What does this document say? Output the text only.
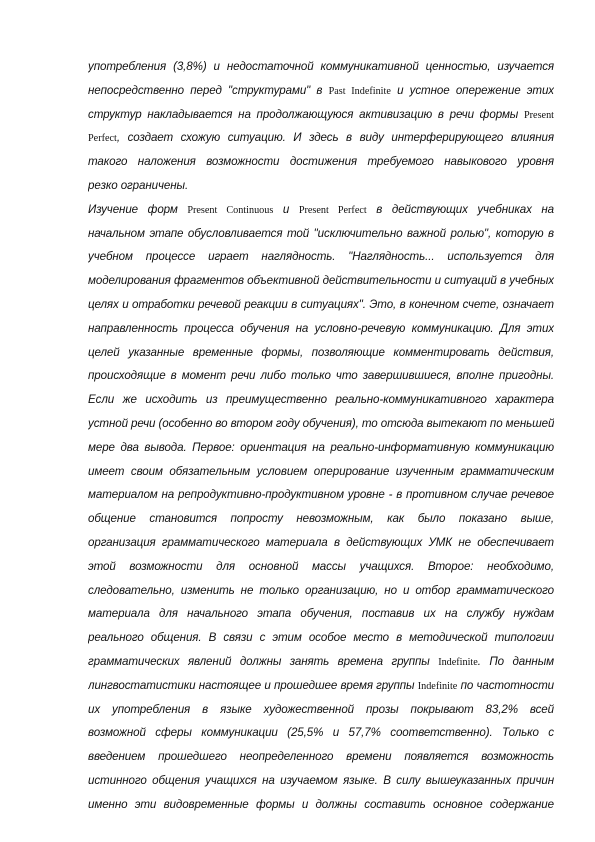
употребления (3,8%) и недостаточной коммуникативной ценностью, изучается
непосредственно перед "структурами" в Past Indefinite и устное опережение этих
структур накладывается на продолжающуюся активизацию в речи формы Present
Perfect, создает схожую ситуацию. И здесь в виду интерферирующего влияния
такого наложения возможности достижения требуемого навыкового уровня
резко ограничены.
Изучение форм Present Continuous и Present Perfect в действующих учебниках на
начальном этапе обусловливается той "исключительно важной ролью", которую в
учебном процессе играет наглядность. "Наглядность... используется для
моделирования фрагментов объективной действительности и ситуаций в учебных
целях и отработки речевой реакции в ситуациях". Это, в конечном счете, означает
направленность процесса обучения на условно-речевую коммуникацию. Для этих
целей указанные временные формы, позволяющие комментировать действия,
происходящие в момент речи либо только что завершившиеся, вполне пригодны.
Если же исходить из преимущественно реально-коммуникативного характера
устной речи (особенно во втором году обучения), то отсюда вытекают по меньшей
мере два вывода. Первое: ориентация на реально-информативную коммуникацию
имеет своим обязательным условием оперирование изученным грамматическим
материалом на репродуктивно-продуктивном уровне - в противном случае речевое
общение становится попросту невозможным, как было показано выше,
организация грамматического материала в действующих УМК не обеспечивает
этой возможности для основной массы учащихся. Второе: необходимо,
следовательно, изменить не только организацию, но и отбор грамматического
материала для начального этапа обучения, поставив их на службу нуждам
реального общения. В связи с этим особое место в методической типологии
грамматических явлений должны занять времена группы Indefinite. По данным
лингвостатистики настоящее и прошедшее время группы Indefinite по частотности
их употребления в языке художественной прозы покрывают 83,2% всей
возможной сферы коммуникации (25,5% и 57,7% соответственно). Только с
введением прошедшего неопределенного времени появляется возможность
истинного общения учащихся на изучаемом языке. В силу вышеуказанных причин
именно эти видовременные формы и должны составить основное содержание
